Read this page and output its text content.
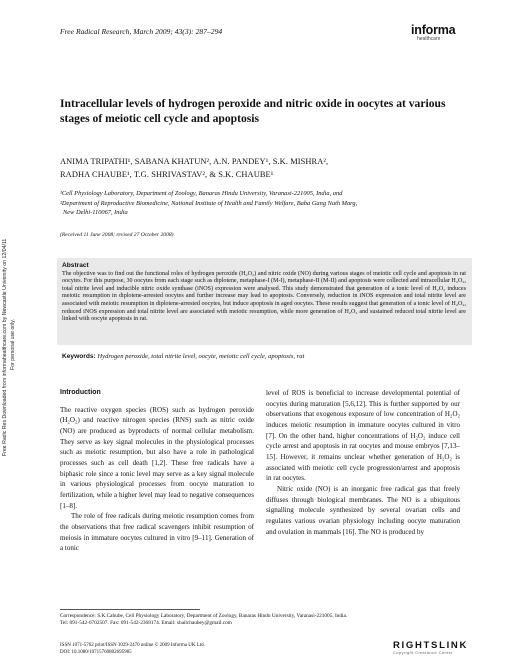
Free Radic Res Downloaded from informahealthcare.com by Newcastle University on 12/04/11 For personal use only.
Free Radical Research, March 2009; 43(3): 287–294	informa
healthcare
Intracellular levels of hydrogen peroxide and nitric oxide in oocytes at various stages of meiotic cell cycle and apoptosis
ANIMA TRIPATHI¹, SABANA KHATUN², A.N. PANDEY¹, S.K. MISHRA²,
RADHA CHAUBE¹, T.G. SHRIVASTAV², & S.K. CHAUBE¹
¹Cell Physiology Laboratory, Department of Zoology, Banaras Hindu University, Varanasi-221005, India, and
²Department of Reproductive Biomedicine, National Institute of Health and Family Welfare, Baba Gang Nath Marg,
New Delhi-110067, India
(Received 11 June 2008; revised 27 October 2008)
Abstract
The objective was to find out the functional roles of hydrogen peroxide (H₂O₂) and nitric oxide (NO) during various stages of meiotic cell cycle and apoptosis in rat oocytes. For this purpose, 30 oocytes from each stage such as diplotene, metaphase-I (M-I), metaphase-II (M-II) and apoptosis were collected and intracellular H₂O₂, total nitrite level and inducible nitric oxide synthase (iNOS) expression were analysed. This study demonstrated that generation of a tonic level of H₂O₂ induces meiotic resumption in diplotene-arrested oocytes and further increase may lead to apoptosis. Conversely, reduction in iNOS expression and total nitrite level are associated with meiotic resumption in diplotene-arrested oocytes, but induce apoptosis in aged oocytes. These results suggest that generation of a tonic level of H₂O₂, reduced iNOS expression and total nitrite level are associated with meiotic resumption, while more generation of H₂O₂ and sustained reduced total nitrite level are linked with oocyte apoptosis in rat.
Keywords: Hydrogen peroxide, total nitrite level, oocyte, meiotic cell cycle, apoptosis, rat
Introduction
The reactive oxygen species (ROS) such as hydrogen peroxide (H₂O₂) and reactive nitrogen species (RNS) such as nitric oxide (NO) are produced as byproducts of normal cellular metabolism. They serve as key signal molecules in the physiological processes such as meiotic resumption, but also have a role in pathological processes such as cell death [1,2]. These free radicals have a biphasic role since a tonic level may serve as a key signal molecule in various physiological processes from oocyte maturation to fertilization, while a higher level may lead to negative consequences [1–8].
The role of free radicals during meiotic resumption comes from the observations that free radical scavengers inhibit resumption of meiosis in immature oocytes cultured in vitro [9–11]. Generation of a tonic
level of ROS is beneficial to increase developmental potential of oocytes during maturation [5,6,12]. This is further supported by our observations that exogenous exposure of low concentration of H₂O₂ induces meiotic resumption in immature oocytes cultured in vitro [7]. On the other hand, higher concentrations of H₂O₂ induce cell cycle arrest and apoptosis in rat oocytes and mouse embryos [7,13–15]. However, it remains unclear whether generation of H₂O₂ is associated with meiotic cell cycle progression/arrest and apoptosis in rat oocytes.
Nitric oxide (NO) is an inorganic free radical gas that freely diffuses through biological membranes. The NO is a ubiquitous signalling molecule synthesized by several ovarian cells and regulates various ovarian physiology including oocyte maturation and ovulation in mammals [16]. The NO is produced by
Correspondence: S.K.Cahube, Cell Physiology Laboratory, Department of Zoology, Banaras Hindu University, Varanasi-221005, India.
Tel: 091-542-6702507. Fax: 091-542-2368174. Email: shailchaubey@gmail.com
ISSN 1071-5762 print/ISSN 1029-2470 online © 2009 Informa UK Ltd.
DOI: 10.1080/10715760802695985
RIGHTSLINK
Copyright Clearance Center
